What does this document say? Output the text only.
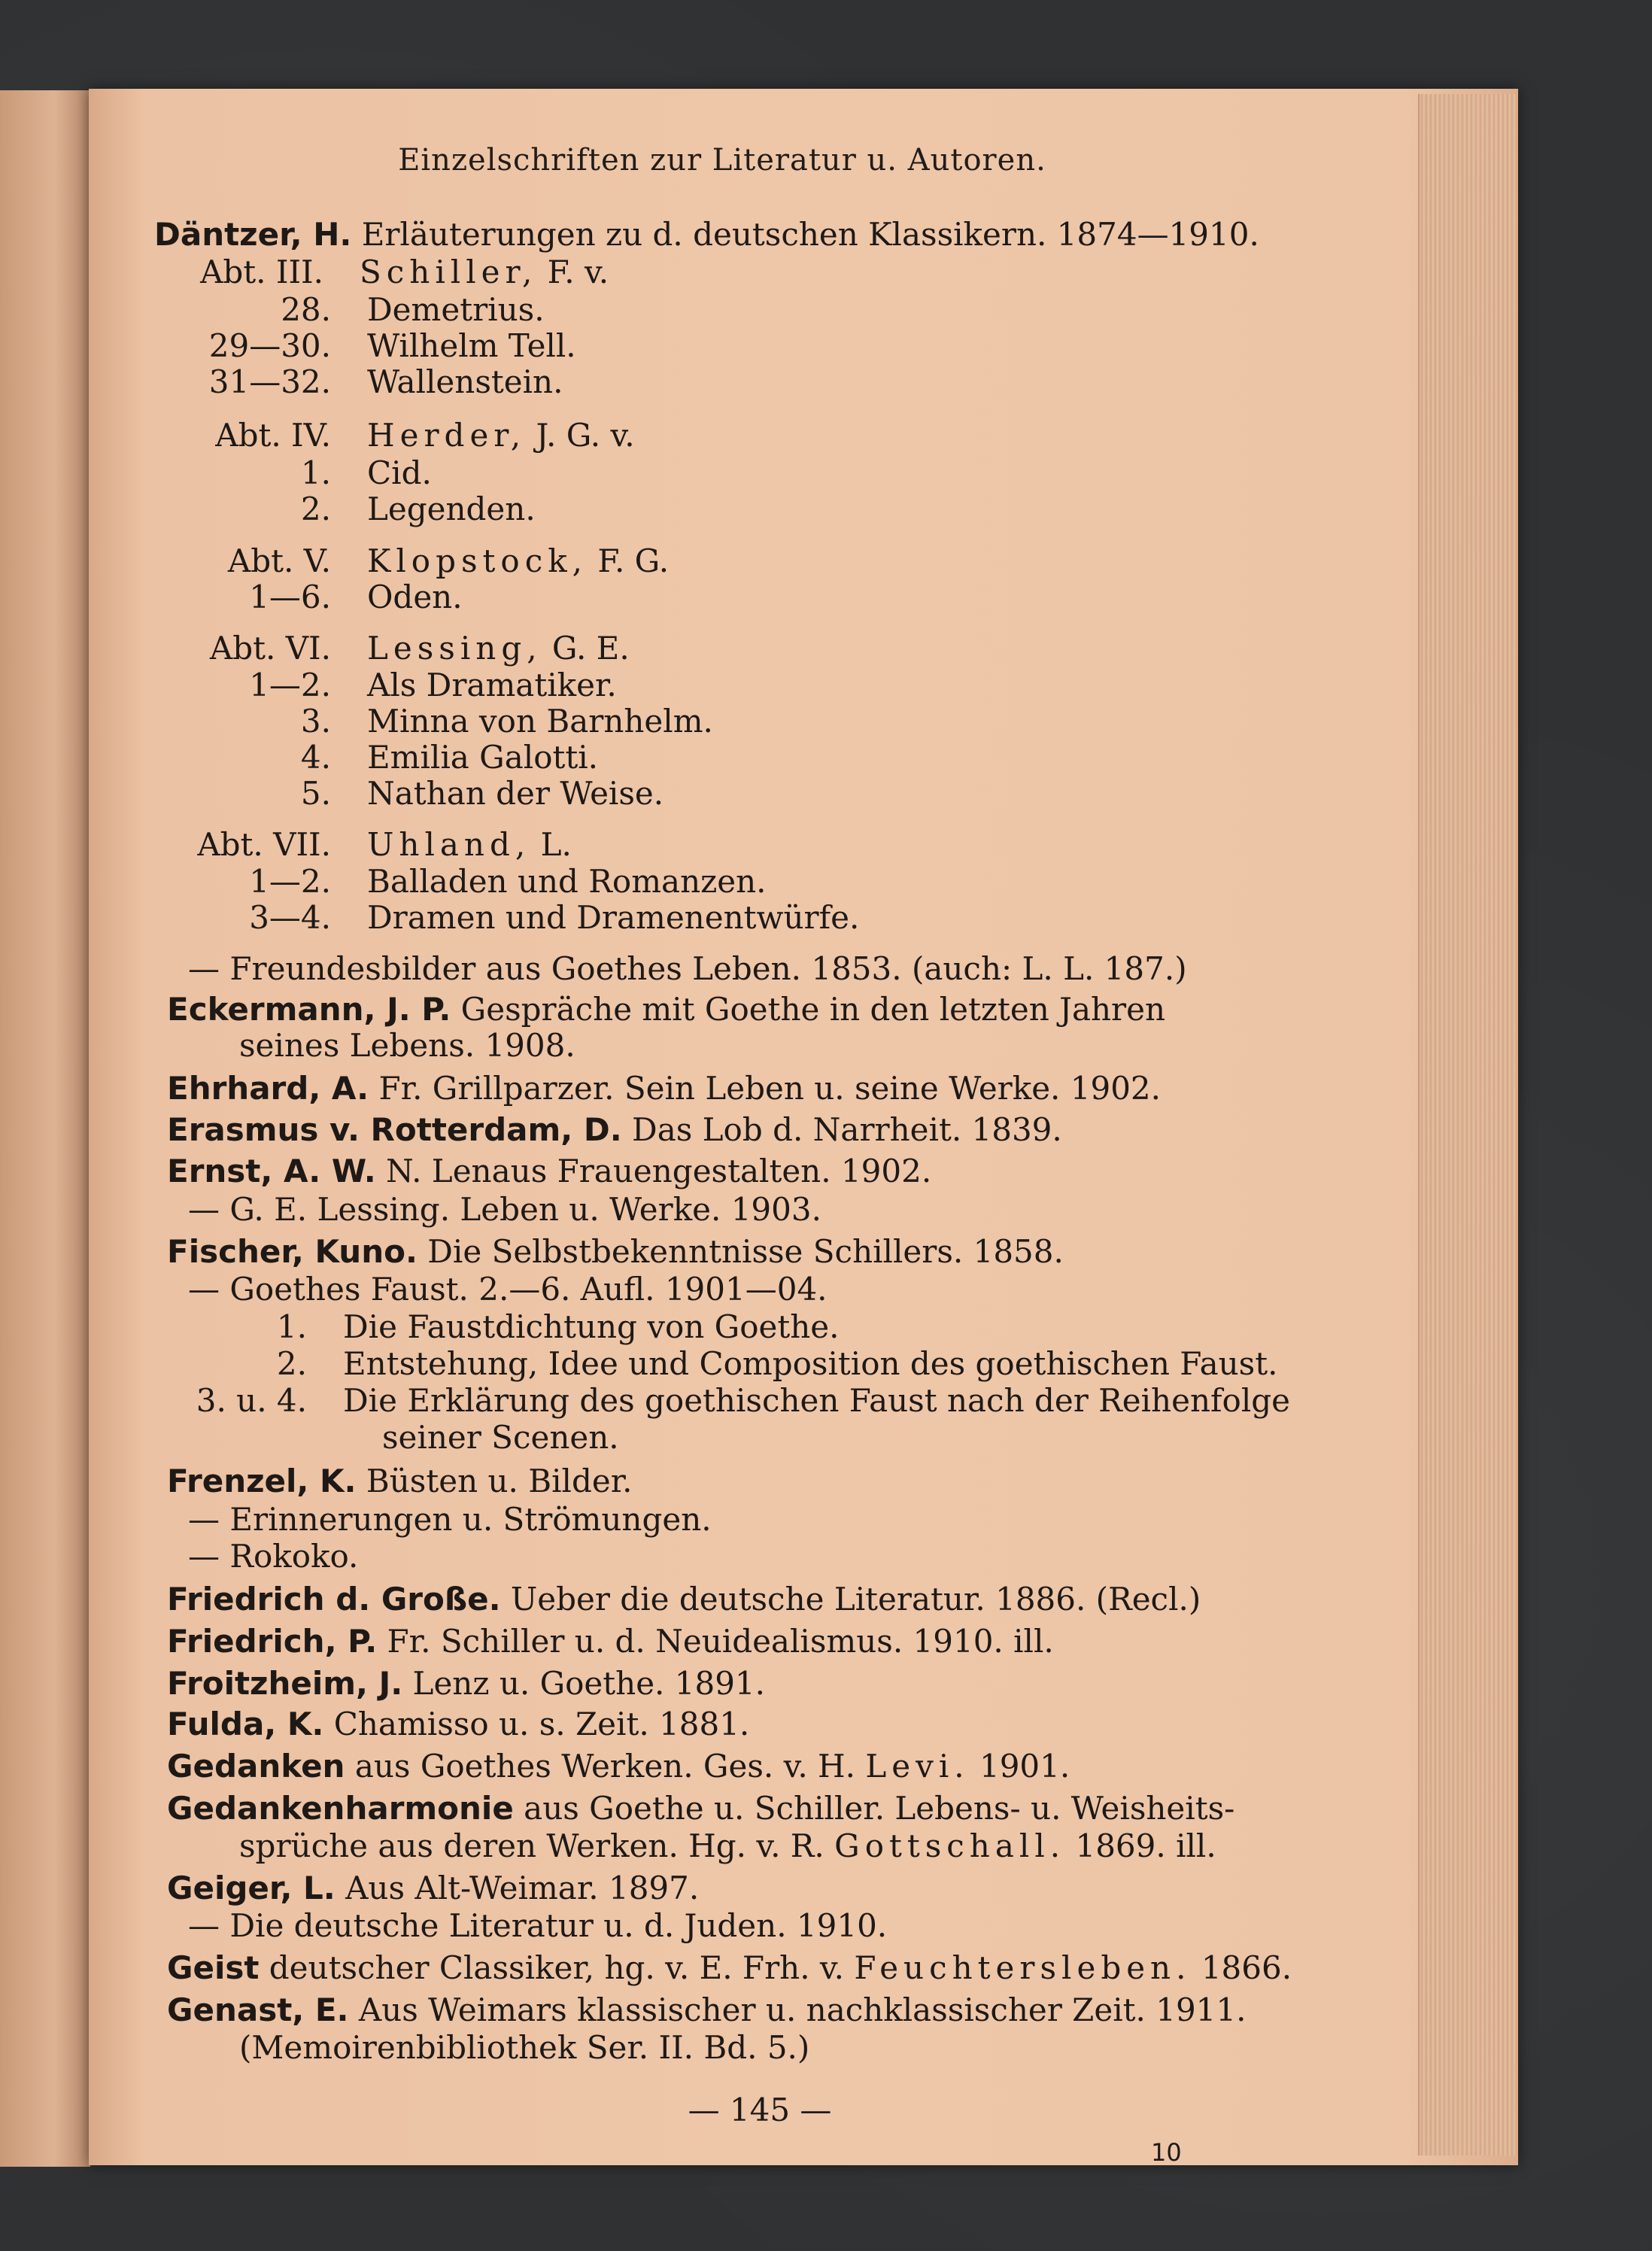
Einzelschriften zur Literatur u. Autoren.
Däntzer, H. Erläuterungen zu d. deutschen Klassikern. 1874—1910.
Abt. III. Schiller, F. v.
28. Demetrius.
29—30. Wilhelm Tell.
31—32. Wallenstein.
Abt. IV. Herder, J. G. v.
1. Cid.
2. Legenden.
Abt. V. Klopstock, F. G.
1—6. Oden.
Abt. VI. Lessing, G. E.
1—2. Als Dramatiker.
3. Minna von Barnhelm.
4. Emilia Galotti.
5. Nathan der Weise.
Abt. VII. Uhland, L.
1—2. Balladen und Romanzen.
3—4. Dramen und Dramenentwürfe.
— Freundesbilder aus Goethes Leben. 1853. (auch: L. L. 187.)
Eckermann, J. P. Gespräche mit Goethe in den letzten Jahren
seines Lebens. 1908.
Ehrhard, A. Fr. Grillparzer. Sein Leben u. seine Werke. 1902.
Erasmus v. Rotterdam, D. Das Lob d. Narrheit. 1839.
Ernst, A. W. N. Lenaus Frauengestalten. 1902.
— G. E. Lessing. Leben u. Werke. 1903.
Fischer, Kuno. Die Selbstbekenntnisse Schillers. 1858.
— Goethes Faust. 2.—6. Aufl. 1901—04.
1. Die Faustdichtung von Goethe.
2. Entstehung, Idee und Composition des goethischen Faust.
3. u. 4. Die Erklärung des goethischen Faust nach der Reihenfolge
seiner Scenen.
Frenzel, K. Büsten u. Bilder.
— Erinnerungen u. Strömungen.
— Rokoko.
Friedrich d. Große. Ueber die deutsche Literatur. 1886. (Recl.)
Friedrich, P. Fr. Schiller u. d. Neuidealismus. 1910. ill.
Froitzheim, J. Lenz u. Goethe. 1891.
Fulda, K. Chamisso u. s. Zeit. 1881.
Gedanken aus Goethes Werken. Ges. v. H. Levi. 1901.
Gedankenharmonie aus Goethe u. Schiller. Lebens- u. Weisheits-
sprüche aus deren Werken. Hg. v. R. Gottschall. 1869. ill.
Geiger, L. Aus Alt-Weimar. 1897.
— Die deutsche Literatur u. d. Juden. 1910.
Geist deutscher Classiker, hg. v. E. Frh. v. Feuchtersleben. 1866.
Genast, E. Aus Weimars klassischer u. nachklassischer Zeit. 1911.
(Memoirenbibliothek Ser. II. Bd. 5.)
— 145 —
10
